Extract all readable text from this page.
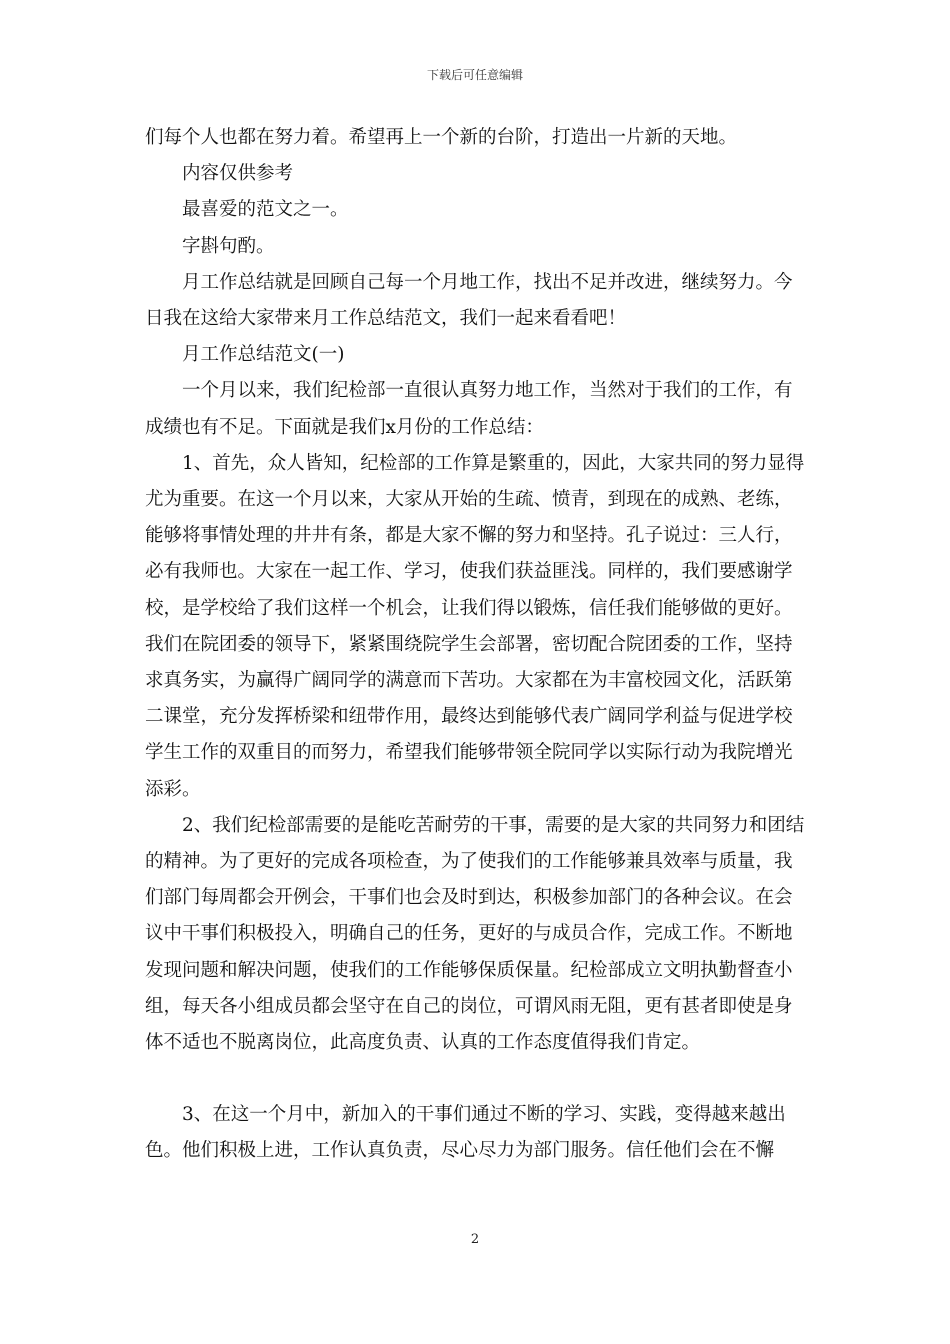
下载后可任意编辑

们每个人也都在努力着。希望再上一个新的台阶，打造出一片新的天地。

内容仅供参考

最喜爱的范文之一。

字斟句酌。

月工作总结就是回顾自己每一个月地工作，找出不足并改进，继续努力。今日我在这给大家带来月工作总结范文，我们一起来看看吧！

月工作总结范文(一)

一个月以来，我们纪检部一直很认真努力地工作，当然对于我们的工作，有成绩也有不足。下面就是我们x月份的工作总结：

1、首先，众人皆知，纪检部的工作算是繁重的，因此，大家共同的努力显得尤为重要。在这一个月以来，大家从开始的生疏、愤青，到现在的成熟、老练，能够将事情处理的井井有条，都是大家不懈的努力和坚持。孔子说过：三人行，必有我师也。大家在一起工作、学习，使我们获益匪浅。同样的，我们要感谢学校，是学校给了我们这样一个机会，让我们得以锻炼，信任我们能够做的更好。我们在院团委的领导下，紧紧围绕院学生会部署，密切配合院团委的工作，坚持求真务实，为赢得广阔同学的满意而下苦功。大家都在为丰富校园文化，活跃第二课堂，充分发挥桥梁和纽带作用，最终达到能够代表广阔同学利益与促进学校学生工作的双重目的而努力，希望我们能够带领全院同学以实际行动为我院增光添彩。

2、我们纪检部需要的是能吃苦耐劳的干事，需要的是大家的共同努力和团结的精神。为了更好的完成各项检查，为了使我们的工作能够兼具效率与质量，我们部门每周都会开例会，干事们也会及时到达，积极参加部门的各种会议。在会议中干事们积极投入，明确自己的任务，更好的与成员合作，完成工作。不断地发现问题和解决问题，使我们的工作能够保质保量。纪检部成立文明执勤督查小组，每天各小组成员都会坚守在自己的岗位，可谓风雨无阻，更有甚者即使是身体不适也不脱离岗位，此高度负责、认真的工作态度值得我们肯定。

3、在这一个月中，新加入的干事们通过不断的学习、实践，变得越来越出色。他们积极上进，工作认真负责，尽心尽力为部门服务。信任他们会在不懈

2
